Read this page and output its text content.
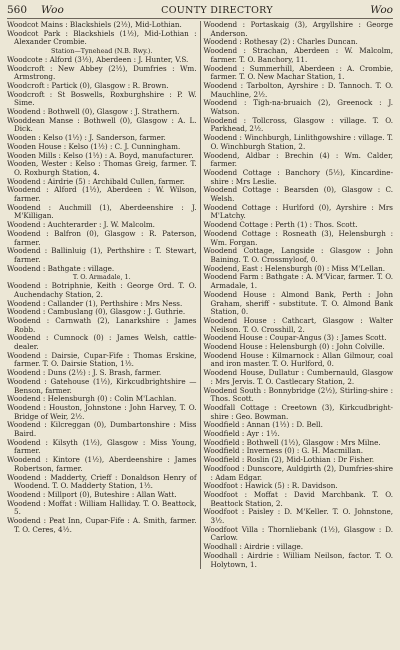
560 Woo	COUNTY DIRECTORY	Woo

Woodcot Mains : Blackshiels (2½), Mid-Lothian.

Woodcot Park : Blackshiels (1½), Mid-Lothian : Alexander Crombie.

Station—Tynehead (N.B. Rwy.).

Woodcote : Alford (3½), Aberdeen : J. Hunter, V.S.

Woodcroft : New Abbey (2½), Dumfries : Wm. Armstrong.

Woodcroft : Partick (0), Glasgow : R. Brown.

Woodcroft : St Boswells, Roxburghshire : P. W. Sime.

Woodend : Bothwell (0), Glasgow : J. Strathern.

Wooddean Manse : Bothwell (0), Glasgow : A. L. Dick.

Wooden : Kelso (1½) : J. Sanderson, farmer.

Wooden House : Kelso (1½) : C. J. Cunningham.

Wooden Mills : Kelso (1½) : A. Boyd, manufacturer.

Wooden, Wester : Kelso : Thomas Greig, farmer. T. O. Roxburgh Station, 4.

Woodend : Airdrie (5) : Archibald Cullen, farmer.

Woodend : Alford (1½), Aberdeen : W. Wilson, farmer.

Woodend : Auchmill (1), Aberdeenshire : J. M'Killigan.

Woodend : Auchterarder : J. W. Malcolm.

Woodend : Balfron (0), Glasgow : R. Paterson, farmer.

Woodend : Ballinluig (1), Perthshire : T. Stewart, farmer.

Woodend : Bathgate : village.

T. O. Armadale, 1.

Woodend : Botriphnie, Keith : George Ord. T. O. Auchendachy Station, 2.

Woodend : Callander (1), Perthshire : Mrs Ness.

Woodend : Cambuslang (0), Glasgow : J. Guthrie.

Woodend : Carnwath (2), Lanarkshire : James Robb.

Woodend : Cumnock (0) : James Welsh, cattle-dealer.

Woodend : Dairsie, Cupar-Fife : Thomas Erskine, farmer. T. O. Dairsie Station, 1½.

Woodend : Duns (2½) : J. S. Brash, farmer.

Woodend : Gatehouse (1½), Kirkcudbrightshire — Benson, farmer.

Woodend : Helensburgh (0) : Colin M'Lachlan.

Woodend : Houston, Johnstone : John Harvey, T. O. Bridge of Weir, 2½.

Woodend : Kilcreggan (0), Dumbartonshire : Miss Baird.

Woodend : Kilsyth (1½), Glasgow : Miss Young, farmer.

Woodend : Kintore (1½), Aberdeenshire : James Robertson, farmer.

Woodend : Madderty, Crieff : Donaldson Henry of Woodend. T. O. Madderty Station, 1½.

Woodend : Millport (0), Buteshire : Allan Watt.

Woodend : Moffat : William Halliday. T. O. Beattock, 5.

Woodend : Peat Inn, Cupar-Fife : A. Smith, farmer. T. O. Ceres, 4½.

Woodend : Portaskaig (3), Argyllshire : George Anderson.

Woodend : Rothesay (2) : Charles Duncan.

Woodend : Strachan, Aberdeen : W. Malcolm, farmer. T. O. Banchory, 11.

Woodend : Summerhill, Aberdeen : A. Crombie, farmer. T. O. New Machar Station, 1.

Woodend : Tarbolton, Ayrshire : D. Tannoch. T. O. Mauchline, 2½.

Woodend : Tigh-na-bruaich (2), Greenock : J. Watson.

Woodend : Tollcross, Glasgow : village. T. O. Parkhead, 2½.

Woodend : Winchburgh, Linlithgowshire : village. T. O. Winchburgh Station, 2.

Woodend, Aldbar : Brechin (4) : Wm. Calder, farmer.

Woodend Cottage : Banchory (5½), Kincardine-shire : Mrs Leslie.

Woodend Cottage : Bearsden (0), Glasgow : C. Welsh.

Woodend Cottage : Hurlford (0), Ayrshire : Mrs M'Latchy.

Woodend Cottage : Perth (1) : Thos. Scott.

Woodend Cottage : Rosneath (3), Helensburgh : Wm. Forgan.

Woodend Cottage, Langside : Glasgow : John Baining. T. O. Crossmyloof, 0.

Woodend, East : Helensburgh (0) : Miss M'Lellan.

Woodend Farm : Bathgate : A. M'Vicar, farmer. T. O. Armadale, 1.

Woodend House : Almond Bank, Perth : John Graham, sheriff - substitute. T. O. Almond Bank Station, 0.

Woodend House : Cathcart, Glasgow : Walter Neilson. T. O. Crosshill, 2.

Woodend House : Coupar-Angus (3) : James Scott.

Woodend House : Helensburgh (0) : John Colville.

Woodend House : Kilmarnock : Allan Gilmour, coal and iron master. T. O. Hurlford, 0.

Woodend House, Dullatur : Cumbernauld, Glasgow : Mrs Jervis. T. O. Castlecary Station, 2.

Woodend South : Bonnybridge (2½), Stirling-shire : Thos. Scott.

Woodfall Cottage : Creetown (3), Kirkcudbright-shire : Geo. Bowman.

Woodfield : Annan (1½) : D. Bell.

Woodfield : Ayr : 1½.

Woodfield : Bothwell (1½), Glasgow : Mrs Milne.

Woodfield : Inverness (0) : G. H. Macmillan.

Woodfield : Roslin (2), Mid-Lothian : Dr Fisher.

Woodfood : Dunscore, Auldgirth (2), Dumfries-shire : Adam Edgar.

Woodfoot : Hawick (5) : R. Davidson.

Woodfoot : Moffat : David Marchbank. T. O. Beattock Station, 2.

Woodfoot : Paisley : D. M'Keller. T. O. Johnstone, 3½.

Woodfoot Villa : Thornliebank (1½), Glasgow : D. Carlow.

Woodhall : Airdrie : village.

Woodhall : Airdrie : William Neilson, factor. T. O. Holytown, 1.
